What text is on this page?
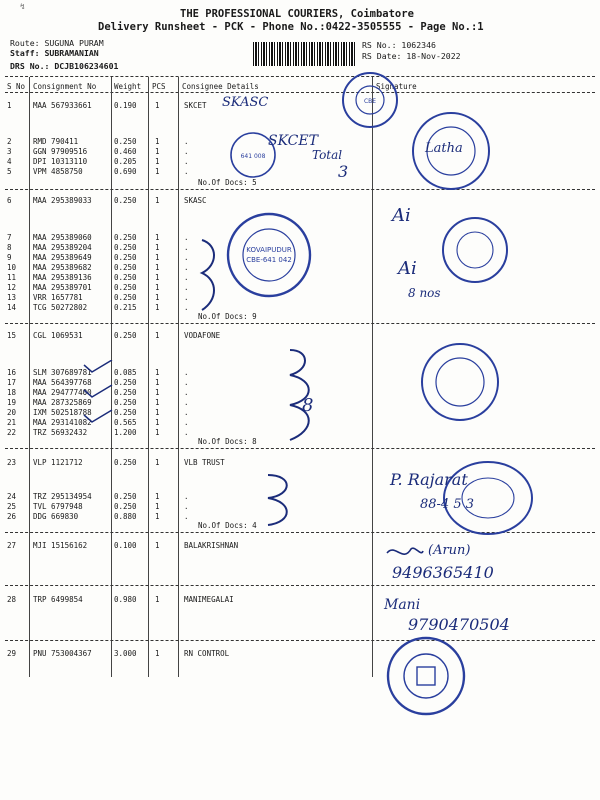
↯
THE PROFESSIONAL COURIERS, Coimbatore
Delivery Runsheet - PCK - Phone No.:0422-3505555 - Page No.:1
Route: SUGUNA PURAM
Staff: SUBRAMANIAN
DRS No.: DCJB106234601
RS No.: 1062346
RS Date: 18-Nov-2022
S No Consignment No Weight PCS Consignee Details	Signature
1	MAA 567933661	0.190 1	SKCET
2	RMD 790411	0.250 1	.
3	GGN 97909516	0.460 1	.
4	DPI 10313110	0.205 1	.
5	VPM 4858750	0.690 1	.
6	MAA 295389033	0.250 1	SKASC
7	MAA 295389060	0.250 1	.
8	MAA 295389204	0.250 1	.
9	MAA 295389649	0.250 1	.
10 MAA 295389682	0.250 1	.
11 MAA 295389136	0.250 1	.
12 MAA 295389701	0.250 1	.
13 VRR 1657781	0.250 1	.
14 TCG 50272802	0.215 1	.
15 CGL 1069531	0.250 1	VODAFONE
16 SLM 307689781	0.085 1	.
17 MAA 564397768	0.250 1	.
18 MAA 294777400	0.250 1	.
19 MAA 287325869	0.250 1	.
20 IXM 502518788	0.250 1	.
21 MAA 293141082	0.565 1	.
22 TRZ 56932432	1.200 1	.
23 VLP 1121712	0.250 1	VLB TRUST
24 TRZ 295134954	0.250 1	.
25 TVL 6797948	0.250 1	.
26 DDG 669830	0.880 1	.
27 MJI 15156162	0.100 1	BALAKRISHNAN
28 TRP 6499854	0.980 1	MANIMEGALAI
29 PNU 753004367	3.000 1	RN CONTROL
No.Of Docs: 5
No.Of Docs: 9
No.Of Docs: 8
No.Of Docs: 4
CBE
641 008
KOVAIPUDUR
CBE-641 042
SKASC
SKCET
Total
3
Latha
Ai
Ai
8 nos
8
P. Rajarat
88-4 5 3
(Arun)
9496365410
Mani
9790470504
